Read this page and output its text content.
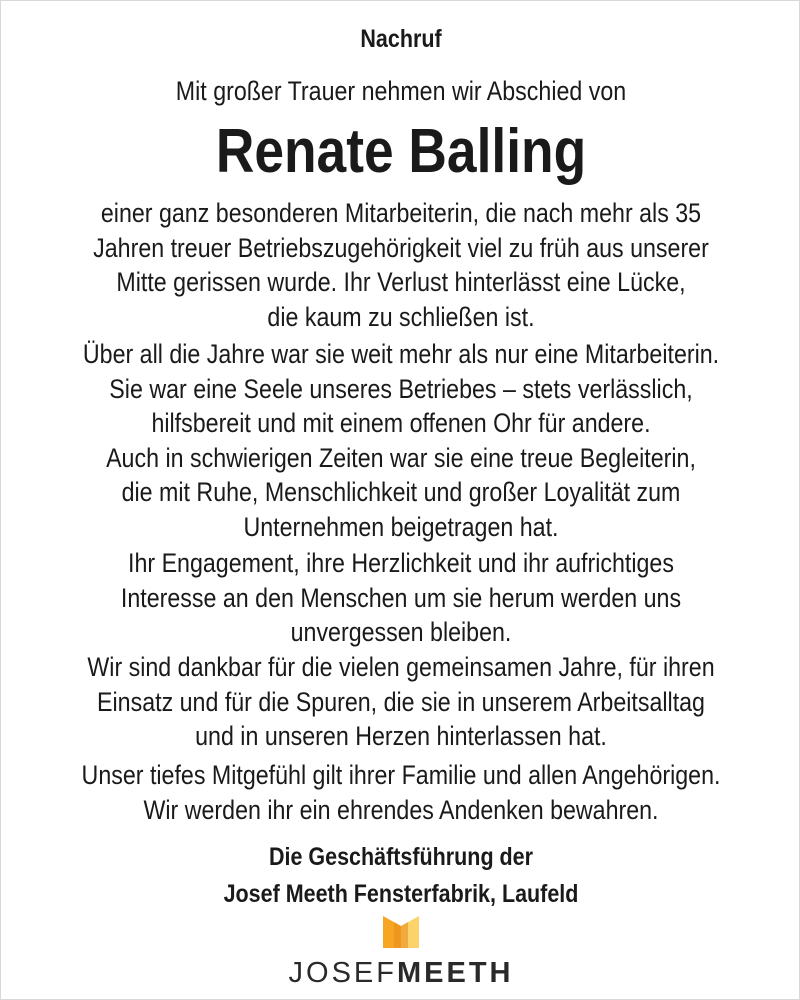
Nachruf
Mit großer Trauer nehmen wir Abschied von
Renate Balling
einer ganz besonderen Mitarbeiterin, die nach mehr als 35
Jahren treuer Betriebszugehörigkeit viel zu früh aus unserer
Mitte gerissen wurde. Ihr Verlust hinterlässt eine Lücke,
die kaum zu schließen ist.
Über all die Jahre war sie weit mehr als nur eine Mitarbeiterin.
Sie war eine Seele unseres Betriebes – stets verlässlich,
hilfsbereit und mit einem offenen Ohr für andere.
Auch in schwierigen Zeiten war sie eine treue Begleiterin,
die mit Ruhe, Menschlichkeit und großer Loyalität zum
Unternehmen beigetragen hat.
Ihr Engagement, ihre Herzlichkeit und ihr aufrichtiges
Interesse an den Menschen um sie herum werden uns
unvergessen bleiben.
Wir sind dankbar für die vielen gemeinsamen Jahre, für ihren
Einsatz und für die Spuren, die sie in unserem Arbeitsalltag
und in unseren Herzen hinterlassen hat.
Unser tiefes Mitgefühl gilt ihrer Familie und allen Angehörigen.
Wir werden ihr ein ehrendes Andenken bewahren.
Die Geschäftsführung der
Josef Meeth Fensterfabrik, Laufeld
JOSEFMEETH
